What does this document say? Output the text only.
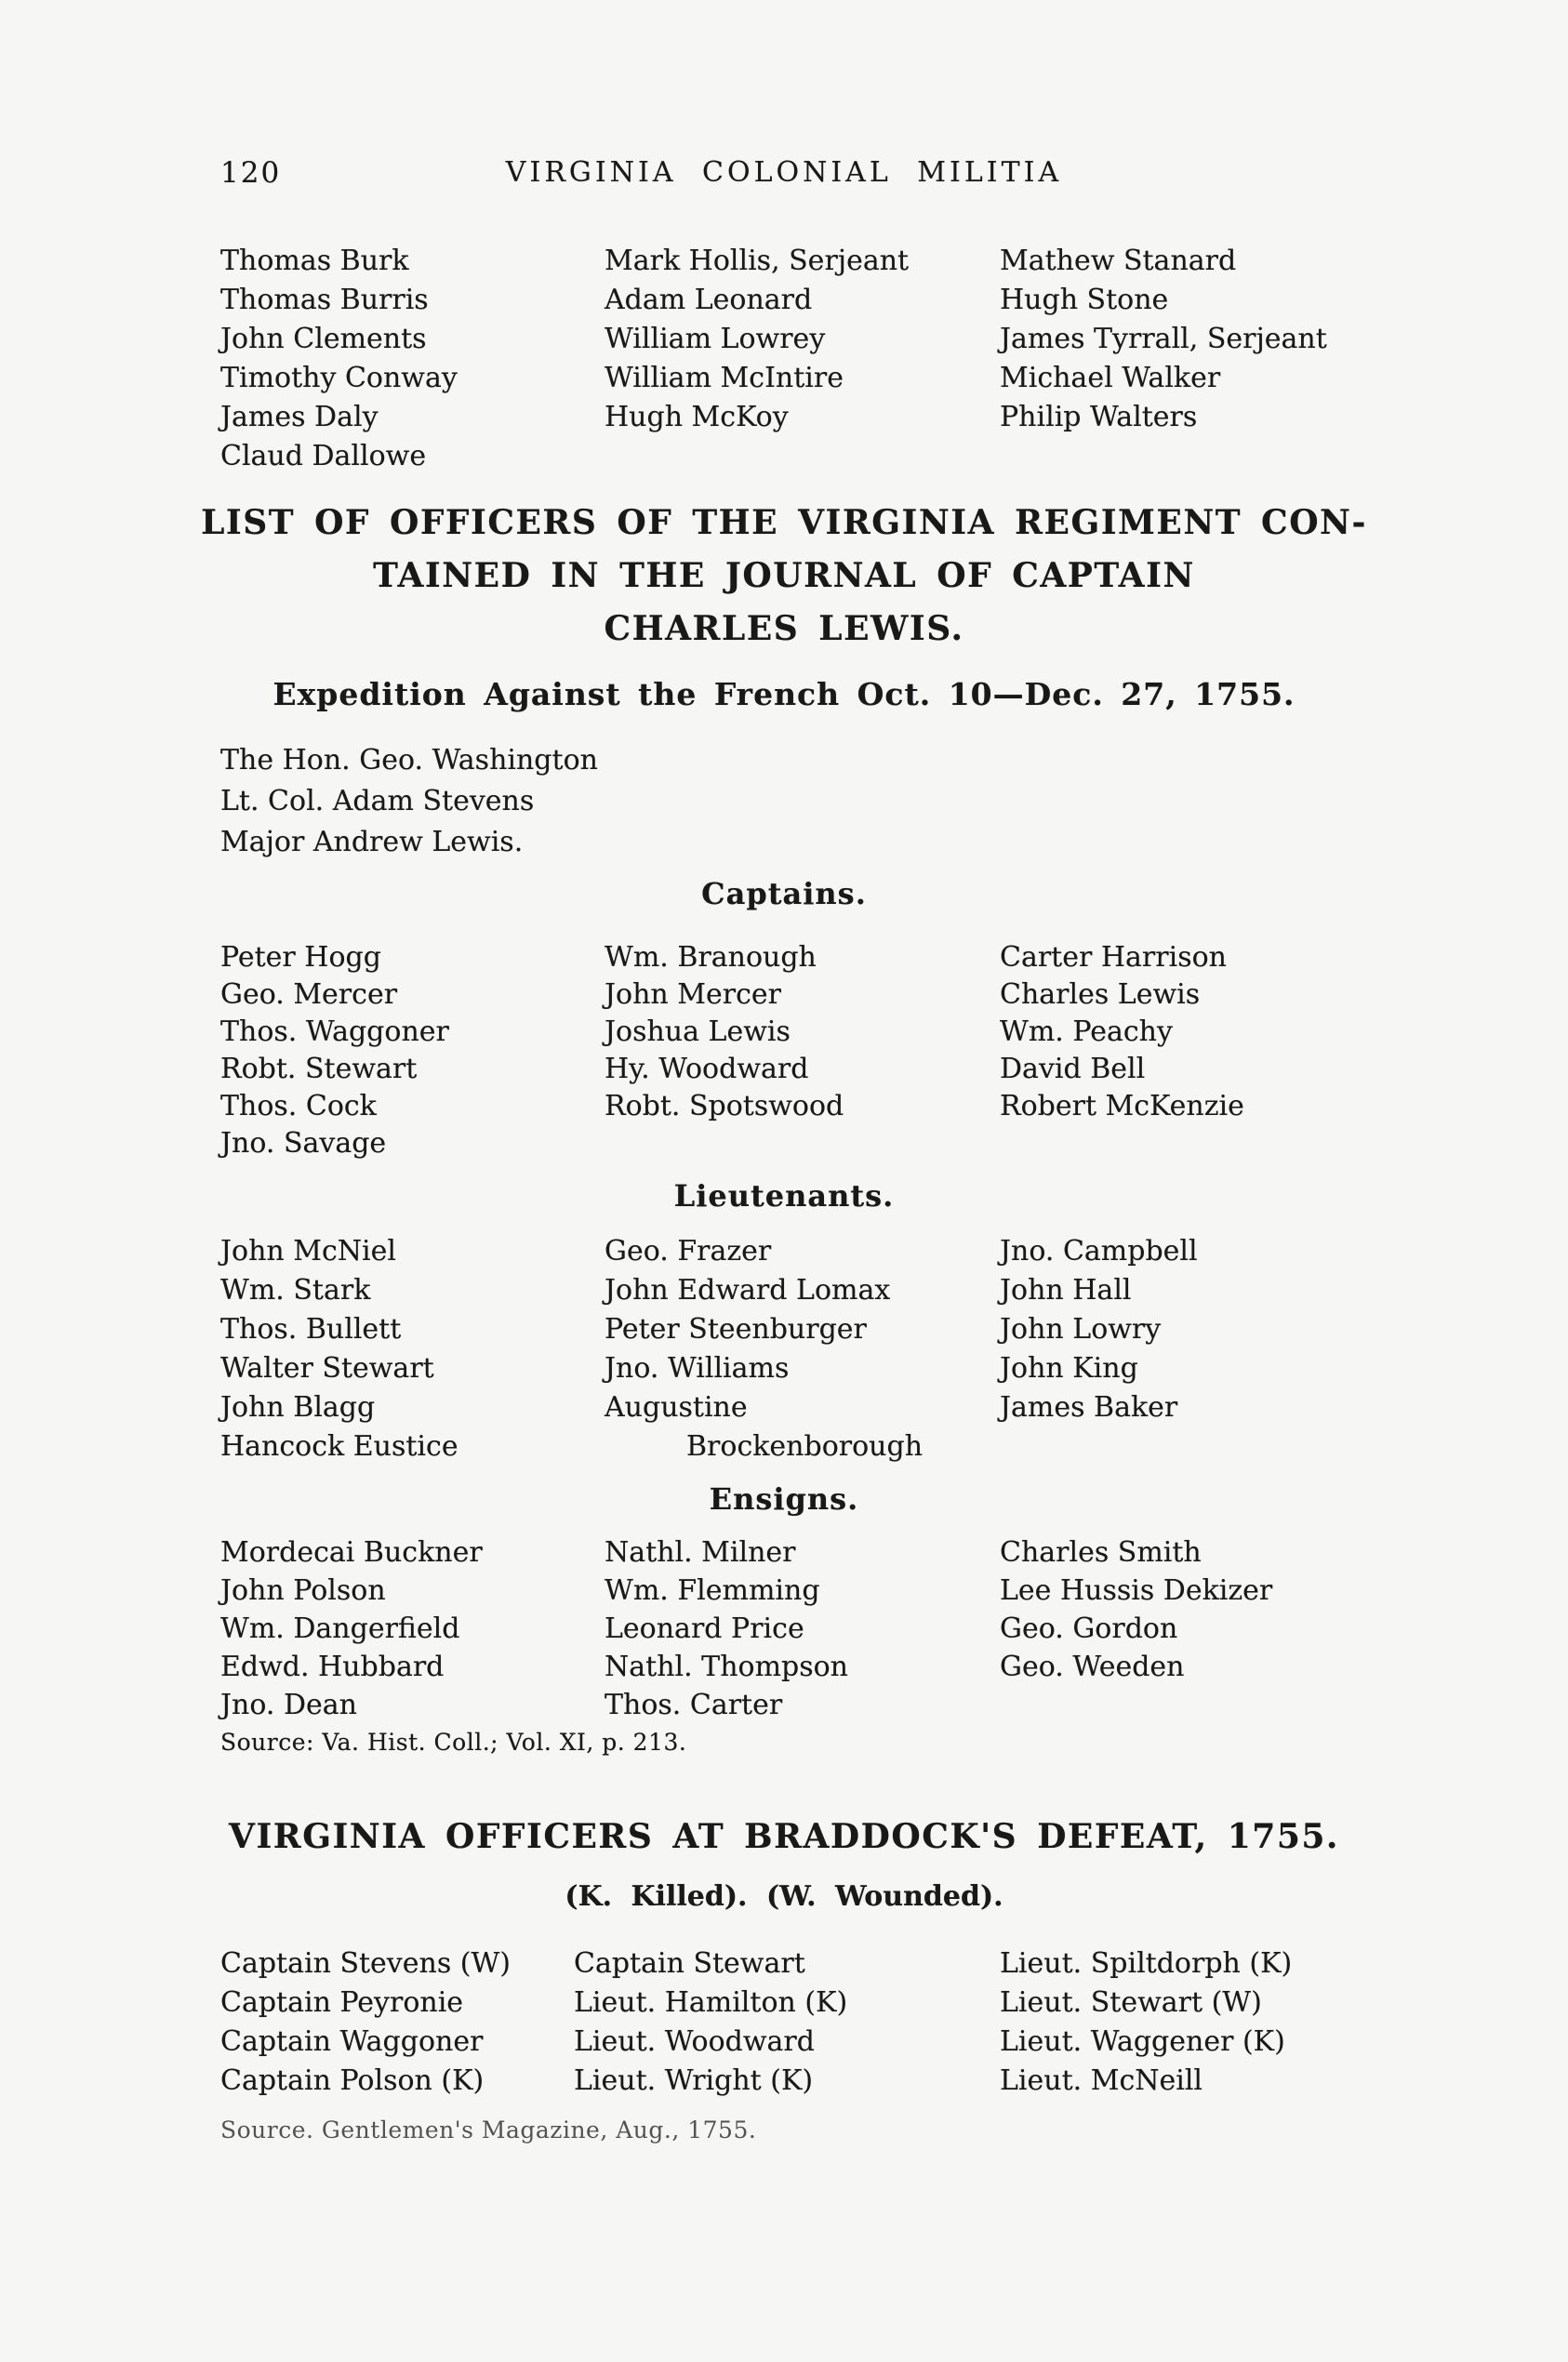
120	VIRGINIA COLONIAL MILITIA
Thomas Burk
Thomas Burris
John Clements
Timothy Conway
James Daly
Claud Dallowe
Mark Hollis, Serjeant
Adam Leonard
William Lowrey
William McIntire
Hugh McKoy
Mathew Stanard
Hugh Stone
James Tyrrall, Serjeant
Michael Walker
Philip Walters
LIST OF OFFICERS OF THE VIRGINIA REGIMENT CON-
TAINED IN THE JOURNAL OF CAPTAIN
CHARLES LEWIS.
Expedition Against the French Oct. 10—Dec. 27, 1755.
The Hon. Geo. Washington
Lt. Col. Adam Stevens
Major Andrew Lewis.
Captains.
Peter Hogg
Geo. Mercer
Thos. Waggoner
Robt. Stewart
Thos. Cock
Jno. Savage
Wm. Branough
John Mercer
Joshua Lewis
Hy. Woodward
Robt. Spotswood
Carter Harrison
Charles Lewis
Wm. Peachy
David Bell
Robert McKenzie
Lieutenants.
John McNiel
Wm. Stark
Thos. Bullett
Walter Stewart
John Blagg
Hancock Eustice
Geo. Frazer
John Edward Lomax
Peter Steenburger
Jno. Williams
Augustine
Brockenborough
Jno. Campbell
John Hall
John Lowry
John King
James Baker
Ensigns.
Mordecai Buckner
John Polson
Wm. Dangerfield
Edwd. Hubbard
Jno. Dean
Nathl. Milner
Wm. Flemming
Leonard Price
Nathl. Thompson
Thos. Carter
Charles Smith
Lee Hussis Dekizer
Geo. Gordon
Geo. Weeden
Source: Va. Hist. Coll.; Vol. XI, p. 213.
VIRGINIA OFFICERS AT BRADDOCK'S DEFEAT, 1755.
(K. Killed). (W. Wounded).
Captain Stevens (W)
Captain Peyronie
Captain Waggoner
Captain Polson (K)
Captain Stewart
Lieut. Hamilton (K)
Lieut. Woodward
Lieut. Wright (K)
Lieut. Spiltdorph (K)
Lieut. Stewart (W)
Lieut. Waggener (K)
Lieut. McNeill
Source. Gentlemen's Magazine, Aug., 1755.
